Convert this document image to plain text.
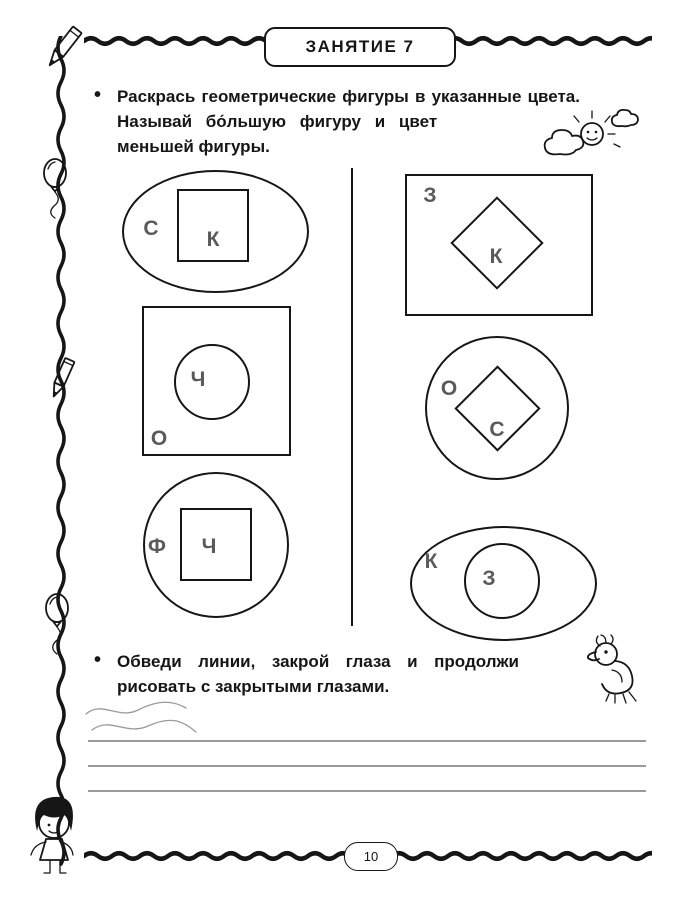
ЗАНЯТИЕ 7
• Раскрась геометрические фигуры в указанные цвета.
Называй бо́льшую фигуру и цвет
меньшей фигуры.
С К
О
Ч
Ф Ч
З
К
О
С
К
З
• Обведи линии, закрой глаза и продолжи
рисовать с закрытыми глазами.
10
